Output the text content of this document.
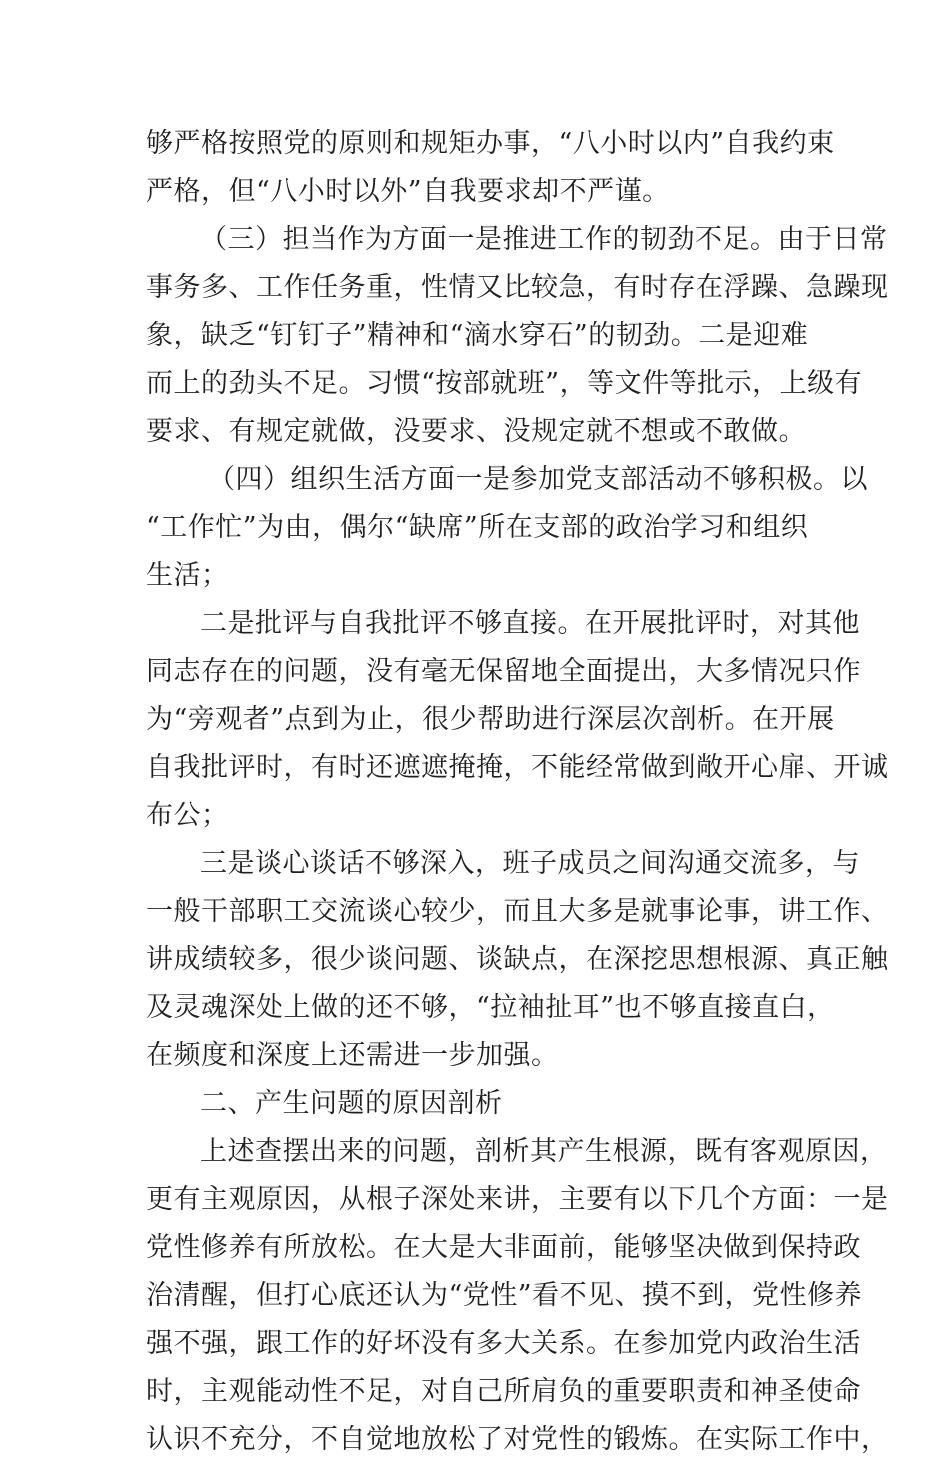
够严格按照党的原则和规矩办事，“八小时以内”自我约束
严格，但“八小时以外”自我要求却不严谨。
（三）担当作为方面一是推进工作的韧劲不足。由于日常
事务多、工作任务重，性情又比较急，有时存在浮躁、急躁现
象，缺乏“钉钉子”精神和“滴水穿石”的韧劲。二是迎难
而上的劲头不足。习惯“按部就班”，等文件等批示，上级有
要求、有规定就做，没要求、没规定就不想或不敢做。
（四）组织生活方面一是参加党支部活动不够积极。以
“工作忙”为由，偶尔“缺席”所在支部的政治学习和组织
生活；
二是批评与自我批评不够直接。在开展批评时，对其他
同志存在的问题，没有毫无保留地全面提出，大多情况只作
为“旁观者”点到为止，很少帮助进行深层次剖析。在开展
自我批评时，有时还遮遮掩掩，不能经常做到敞开心扉、开诚
布公；
三是谈心谈话不够深入，班子成员之间沟通交流多，与
一般干部职工交流谈心较少，而且大多是就事论事，讲工作、
讲成绩较多，很少谈问题、谈缺点，在深挖思想根源、真正触
及灵魂深处上做的还不够，“拉袖扯耳”也不够直接直白，
在频度和深度上还需进一步加强。
二、产生问题的原因剖析
上述查摆出来的问题，剖析其产生根源，既有客观原因，
更有主观原因，从根子深处来讲，主要有以下几个方面：一是
党性修养有所放松。在大是大非面前，能够坚决做到保持政
治清醒，但打心底还认为“党性”看不见、摸不到，党性修养
强不强，跟工作的好坏没有多大关系。在参加党内政治生活
时，主观能动性不足，对自己所肩负的重要职责和神圣使命
认识不充分，不自觉地放松了对党性的锻炼。在实际工作中，
